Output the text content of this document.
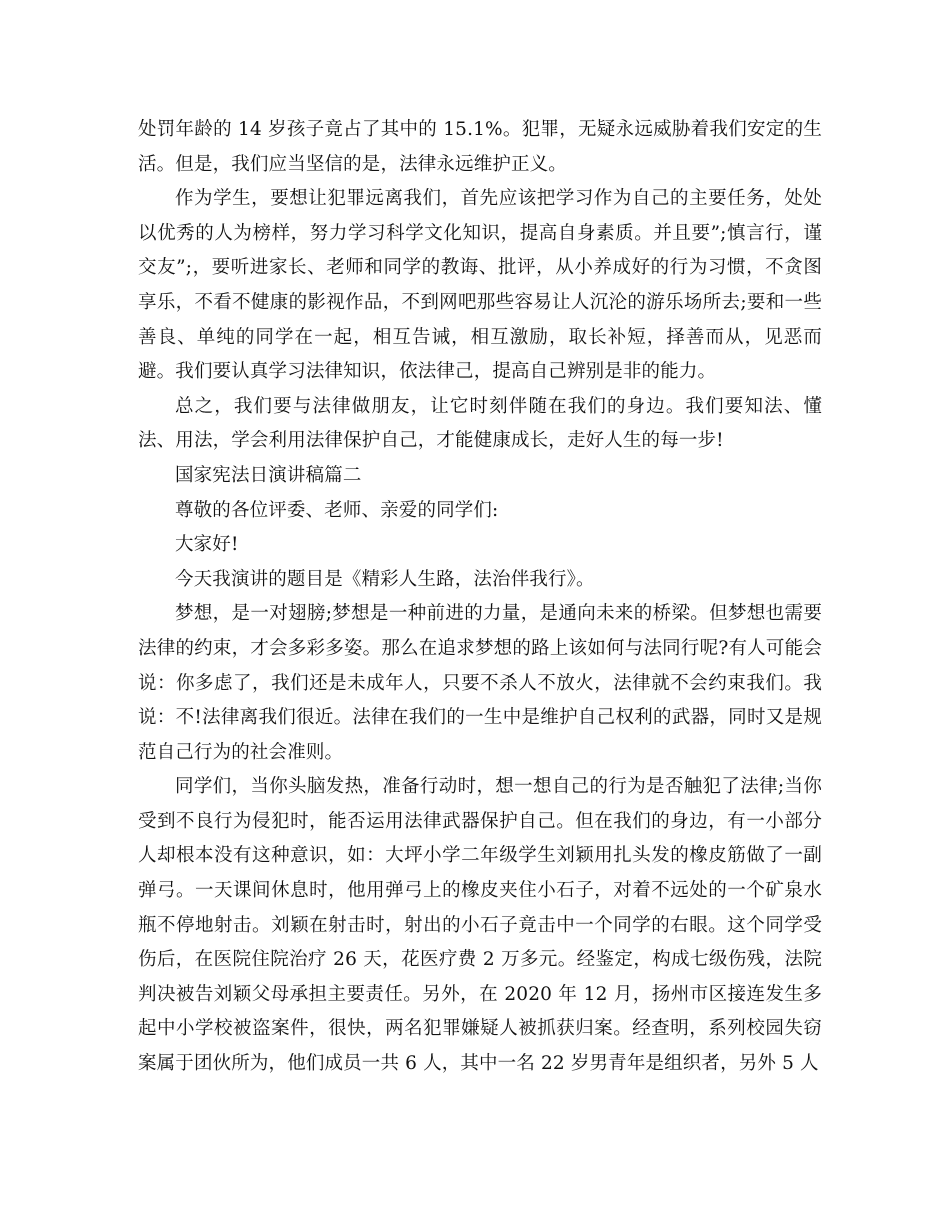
处罚年龄的 14 岁孩子竟占了其中的 15.1%。犯罪，无疑永远威胁着我们安定的生活。但是，我们应当坚信的是，法律永远维护正义。

作为学生，要想让犯罪远离我们，首先应该把学习作为自己的主要任务，处处以优秀的人为榜样，努力学习科学文化知识，提高自身素质。并且要”;慎言行，谨交友”;，要听进家长、老师和同学的教诲、批评，从小养成好的行为习惯，不贪图享乐，不看不健康的影视作品，不到网吧那些容易让人沉沦的游乐场所去;要和一些善良、单纯的同学在一起，相互告诫，相互激励，取长补短，择善而从，见恶而避。我们要认真学习法律知识，依法律己，提高自己辨别是非的能力。

总之，我们要与法律做朋友，让它时刻伴随在我们的身边。我们要知法、懂法、用法，学会利用法律保护自己，才能健康成长，走好人生的每一步!

国家宪法日演讲稿篇二

尊敬的各位评委、老师、亲爱的同学们:

大家好!

今天我演讲的题目是《精彩人生路，法治伴我行》。

梦想，是一对翅膀;梦想是一种前进的力量，是通向未来的桥梁。但梦想也需要法律的约束，才会多彩多姿。那么在追求梦想的路上该如何与法同行呢?有人可能会说：你多虑了，我们还是未成年人，只要不杀人不放火，法律就不会约束我们。我说：不!法律离我们很近。法律在我们的一生中是维护自己权利的武器，同时又是规范自己行为的社会准则。

同学们，当你头脑发热，准备行动时，想一想自己的行为是否触犯了法律;当你受到不良行为侵犯时，能否运用法律武器保护自己。但在我们的身边，有一小部分人却根本没有这种意识，如：大坪小学二年级学生刘颖用扎头发的橡皮筋做了一副弹弓。一天课间休息时，他用弹弓上的橡皮夹住小石子，对着不远处的一个矿泉水瓶不停地射击。刘颖在射击时，射出的小石子竟击中一个同学的右眼。这个同学受伤后，在医院住院治疗 26 天，花医疗费 2 万多元。经鉴定，构成七级伤残，法院判决被告刘颖父母承担主要责任。另外，在 2020 年 12 月，扬州市区接连发生多起中小学校被盗案件，很快，两名犯罪嫌疑人被抓获归案。经查明，系列校园失窃案属于团伙所为，他们成员一共 6 人，其中一名 22 岁男青年是组织者，另外 5 人
